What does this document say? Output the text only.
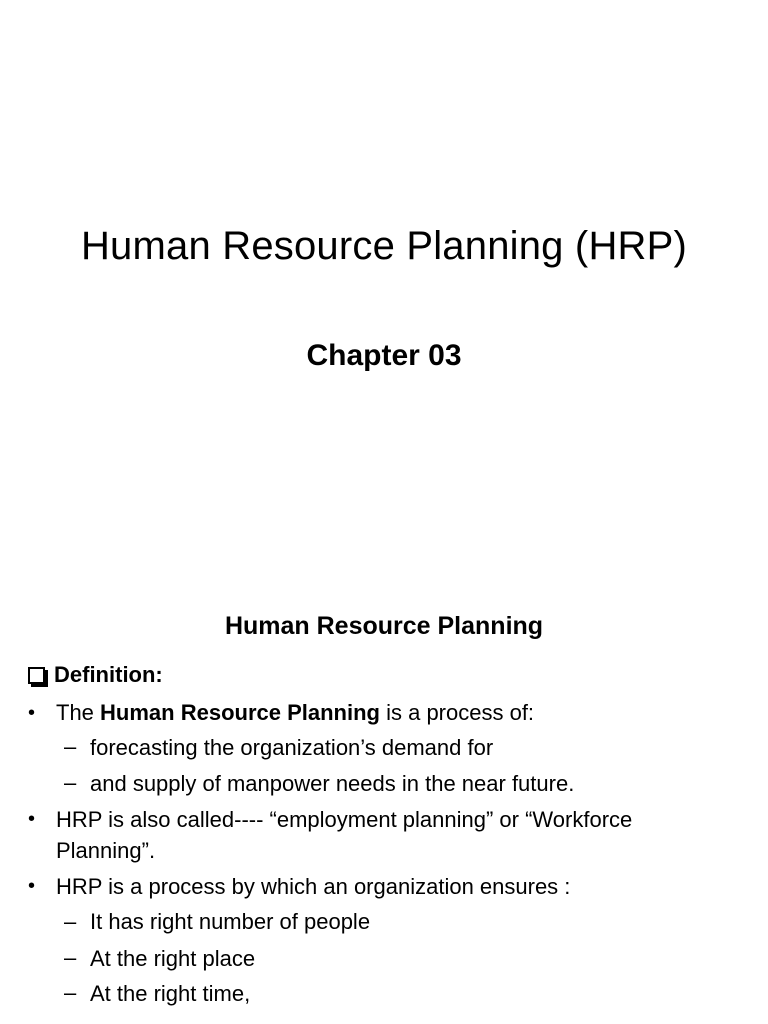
Human Resource Planning (HRP)
Chapter 03
Human Resource Planning
Definition:
• The Human Resource Planning is a process of:
– forecasting the organization’s demand for
– and supply of manpower needs in the near future.
• HRP is also called---- “employment planning” or “Workforce
Planning”.
• HRP is a process by which an organization ensures :
– It has right number of people
– At the right place
– At the right time,
